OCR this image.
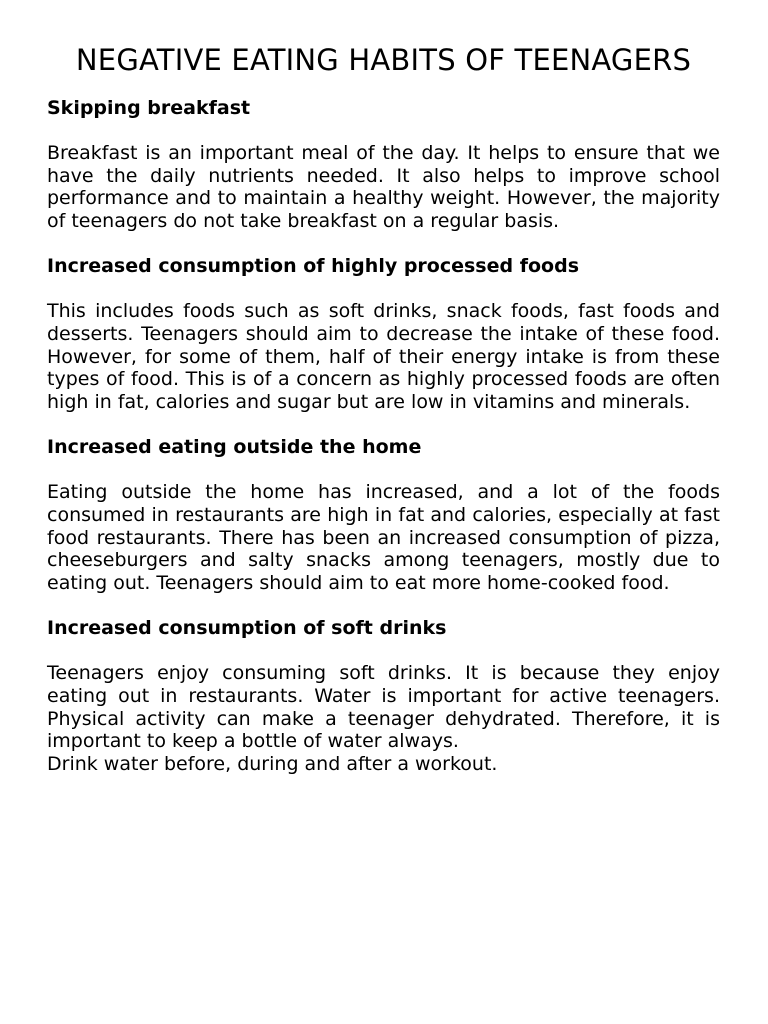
NEGATIVE EATING HABITS OF TEENAGERS
Skipping breakfast

Breakfast is an important meal of the day. It helps to ensure that we have the daily nutrients needed. It also helps to improve school performance and to maintain a healthy weight. However, the majority of teenagers do not take breakfast on a regular basis.

Increased consumption of highly processed foods

This includes foods such as soft drinks, snack foods, fast foods and desserts. Teenagers should aim to decrease the intake of these food. However, for some of them, half of their energy intake is from these types of food. This is of a concern as highly processed foods are often high in fat, calories and sugar but are low in vitamins and minerals.

Increased eating outside the home

Eating outside the home has increased, and a lot of the foods consumed in restaurants are high in fat and calories, especially at fast food restaurants. There has been an increased consumption of pizza, cheeseburgers and salty snacks among teenagers, mostly due to eating out. Teenagers should aim to eat more home-cooked food.

Increased consumption of soft drinks

Teenagers enjoy consuming soft drinks. It is because they enjoy eating out in restaurants. Water is important for active teenagers. Physical activity can make a teenager dehydrated. Therefore, it is important to keep a bottle of water always.
Drink water before, during and after a workout.
